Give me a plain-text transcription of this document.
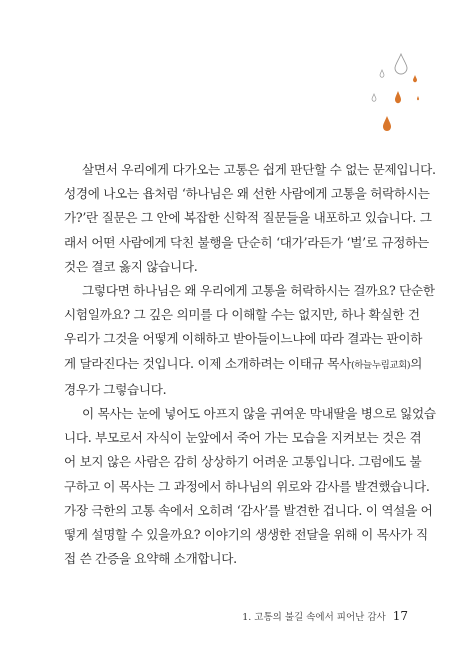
살면서 우리에게 다가오는 고통은 쉽게 판단할 수 없는 문제입니다.
성경에 나오는 욥처럼 ‘하나님은 왜 선한 사람에게 고통을 허락하시는
가?’란 질문은 그 안에 복잡한 신학적 질문들을 내포하고 있습니다. 그
래서 어떤 사람에게 닥친 불행을 단순히 ‘대가’라든가 ‘벌’로 규정하는
것은 결코 옳지 않습니다.
그렇다면 하나님은 왜 우리에게 고통을 허락하시는 걸까요? 단순한
시험일까요? 그 깊은 의미를 다 이해할 수는 없지만, 하나 확실한 건
우리가 그것을 어떻게 이해하고 받아들이느냐에 따라 결과는 판이하
게 달라진다는 것입니다. 이제 소개하려는 이태규 목사(하늘누림교회)의
경우가 그렇습니다.
이 목사는 눈에 넣어도 아프지 않을 귀여운 막내딸을 병으로 잃었습
니다. 부모로서 자식이 눈앞에서 죽어 가는 모습을 지켜보는 것은 겪
어 보지 않은 사람은 감히 상상하기 어려운 고통입니다. 그럼에도 불
구하고 이 목사는 그 과정에서 하나님의 위로와 감사를 발견했습니다.
가장 극한의 고통 속에서 오히려 ‘감사’를 발견한 겁니다. 이 역설을 어
떻게 설명할 수 있을까요? 이야기의 생생한 전달을 위해 이 목사가 직
접 쓴 간증을 요약해 소개합니다.
1. 고통의 불길 속에서 피어난 감사 17
